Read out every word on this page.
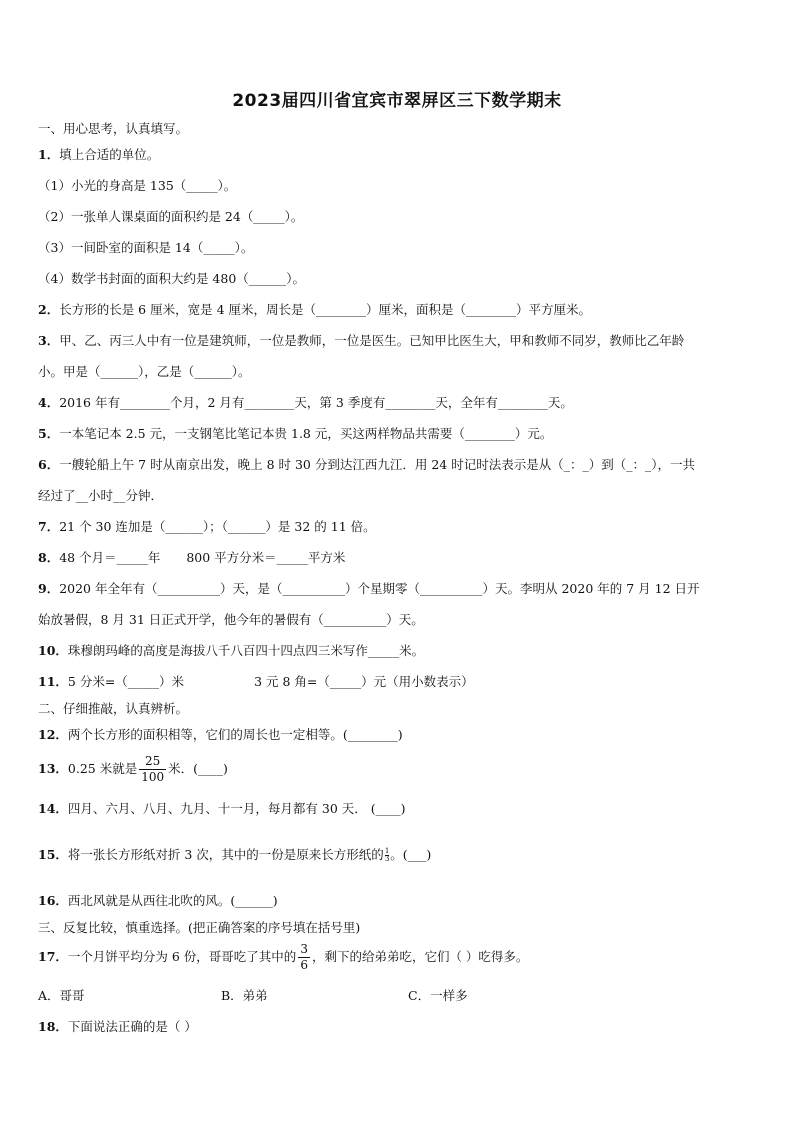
2023届四川省宜宾市翠屏区三下数学期末
一、用心思考，认真填写。
1．填上合适的单位。
（1）小光的身高是 135（_____）。
（2）一张单人课桌面的面积约是 24（_____）。
（3）一间卧室的面积是 14（_____）。
（4）数学书封面的面积大约是 480（______）。
2．长方形的长是 6 厘米，宽是 4 厘米，周长是（________）厘米，面积是（________）平方厘米。
3．甲、乙、丙三人中有一位是建筑师，一位是教师，一位是医生。已知甲比医生大，甲和教师不同岁，教师比乙年龄
小。甲是（______），乙是（______）。
4．2016 年有________个月，2 月有________天，第 3 季度有________天，全年有________天。
5．一本笔记本 2.5 元，一支钢笔比笔记本贵 1.8 元，买这两样物品共需要（________）元。
6．一艘轮船上午 7 时从南京出发，晚上 8 时 30 分到达江西九江．用 24 时记时法表示是从（_：_）到（_：_），一共
经过了__小时__分钟．
7．21 个 30 连加是（______）；（______）是 32 的 11 倍。
8．48 个月＝_____年 800 平方分米＝_____平方米
9．2020 年全年有（__________）天，是（__________）个星期零（__________）天。李明从 2020 年的 7 月 12 日开
始放暑假，8 月 31 日正式开学，他今年的暑假有（__________）天。
10．珠穆朗玛峰的高度是海拔八千八百四十四点四三米写作_____米。
11．5 分米=（_____）米	3 元 8 角=（_____）元（用小数表示）
二、仔细推敲，认真辨析。
12．两个长方形的面积相等，它们的周长也一定相等。(________)
13．0.25 米就是 $\frac{25}{100}$ 米．(____)
14．四月、六月、八月、九月、十一月，每月都有 30 天． (____)
15．将一张长方形纸对折 3 次，其中的一份是原来长方形纸的 $\frac{1}{3}$ 。(___)
16．西北风就是从西往北吹的风。(______)
三、反复比较，慎重选择。(把正确答案的序号填在括号里)
17．一个月饼平均分为 6 份，哥哥吃了其中的 $\frac{3}{6}$ ，剩下的给弟弟吃，它们（ ）吃得多。
A．哥哥	B．弟弟	C．一样多
18．下面说法正确的是（ ）
